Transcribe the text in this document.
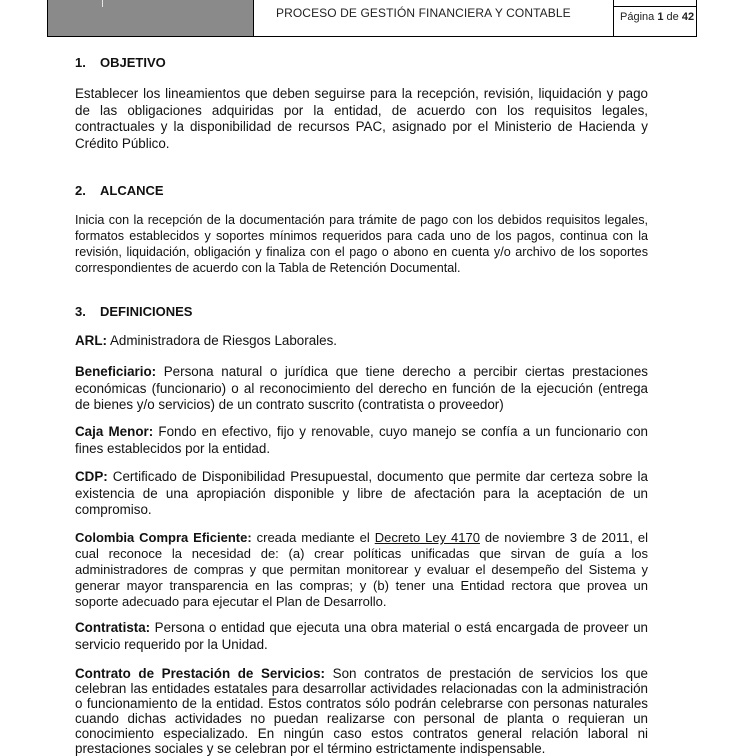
PROCESO DE GESTIÓN FINANCIERA Y CONTABLE	Página 1 de 42
1. OBJETIVO
Establecer los lineamientos que deben seguirse para la recepción, revisión, liquidación y pago de las obligaciones adquiridas por la entidad, de acuerdo con los requisitos legales, contractuales y la disponibilidad de recursos PAC, asignado por el Ministerio de Hacienda y Crédito Público.
2. ALCANCE
Inicia con la recepción de la documentación para trámite de pago con los debidos requisitos legales, formatos establecidos y soportes mínimos requeridos para cada uno de los pagos, continua con la revisión, liquidación, obligación y finaliza con el pago o abono en cuenta y/o archivo de los soportes correspondientes de acuerdo con la Tabla de Retención Documental.
3. DEFINICIONES
ARL: Administradora de Riesgos Laborales.
Beneficiario: Persona natural o jurídica que tiene derecho a percibir ciertas prestaciones económicas (funcionario) o al reconocimiento del derecho en función de la ejecución (entrega de bienes y/o servicios) de un contrato suscrito (contratista o proveedor)
Caja Menor: Fondo en efectivo, fijo y renovable, cuyo manejo se confía a un funcionario con fines establecidos por la entidad.
CDP: Certificado de Disponibilidad Presupuestal, documento que permite dar certeza sobre la existencia de una apropiación disponible y libre de afectación para la aceptación de un compromiso.
Colombia Compra Eficiente: creada mediante el Decreto Ley 4170 de noviembre 3 de 2011, el cual reconoce la necesidad de: (a) crear políticas unificadas que sirvan de guía a los administradores de compras y que permitan monitorear y evaluar el desempeño del Sistema y generar mayor transparencia en las compras; y (b) tener una Entidad rectora que provea un soporte adecuado para ejecutar el Plan de Desarrollo.
Contratista: Persona o entidad que ejecuta una obra material o está encargada de proveer un servicio requerido por la Unidad.
Contrato de Prestación de Servicios: Son contratos de prestación de servicios los que celebran las entidades estatales para desarrollar actividades relacionadas con la administración o funcionamiento de la entidad. Estos contratos sólo podrán celebrarse con personas naturales cuando dichas actividades no puedan realizarse con personal de planta o requieran un conocimiento especializado. En ningún caso estos contratos general relación laboral ni prestaciones sociales y se celebran por el término estrictamente indispensable.
